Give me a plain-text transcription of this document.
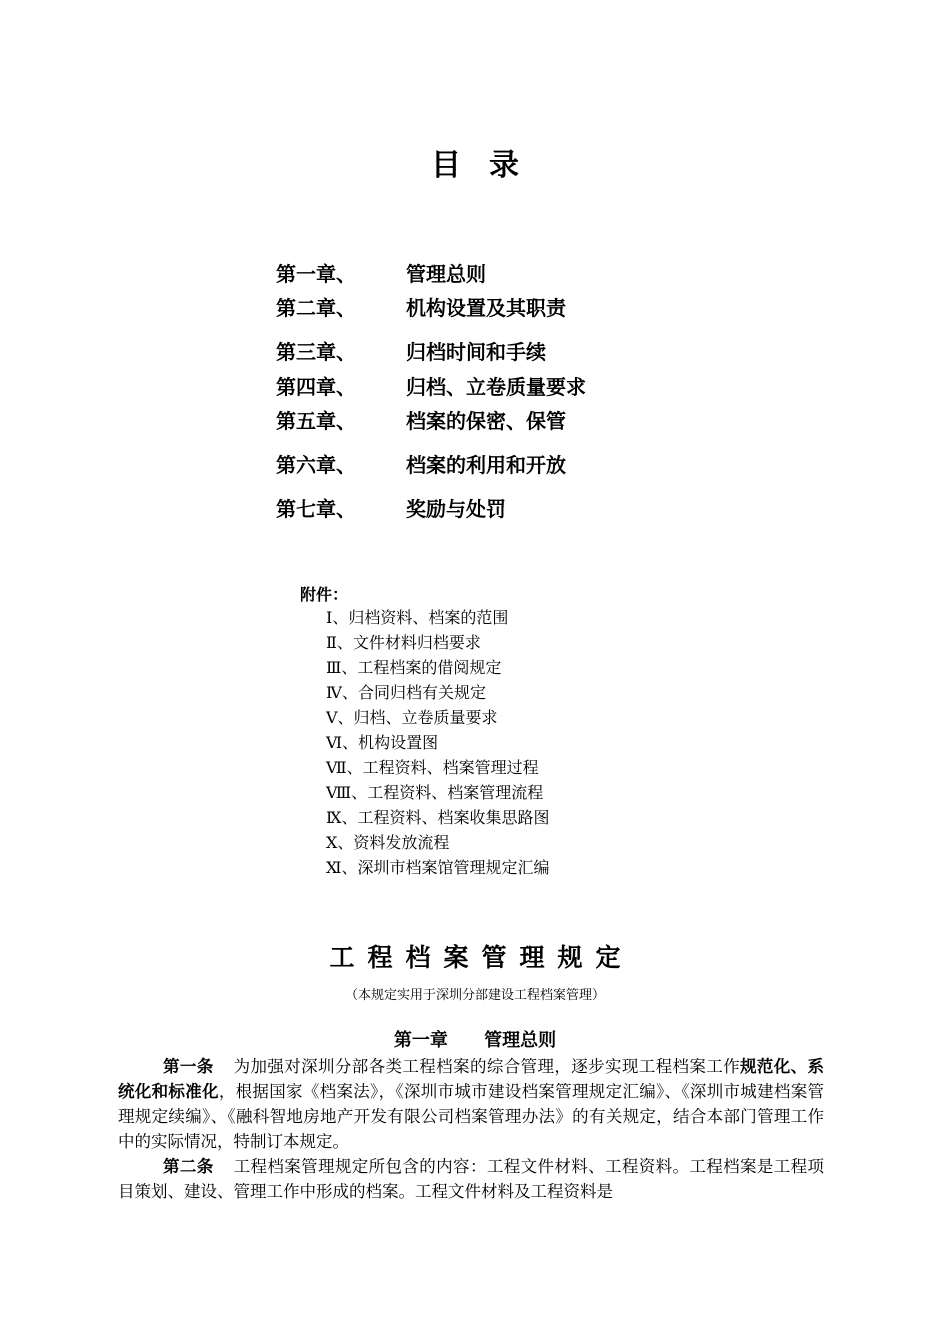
目录
第一章、	管理总则
第二章、	机构设置及其职责
第三章、	归档时间和手续
第四章、	归档、立卷质量要求
第五章、	档案的保密、保管
第六章、	档案的利用和开放
第七章、	奖励与处罚
附件：
Ⅰ、归档资料、档案的范围
Ⅱ、文件材料归档要求
Ⅲ、工程档案的借阅规定
Ⅳ、合同归档有关规定
Ⅴ、归档、立卷质量要求
Ⅵ、机构设置图
Ⅶ、工程资料、档案管理过程
Ⅷ、工程资料、档案管理流程
Ⅸ、工程资料、档案收集思路图
Ⅹ、资料发放流程
Ⅺ、深圳市档案馆管理规定汇编
工程档案管理规定
（本规定实用于深圳分部建设工程档案管理）
第一章 管理总则
第一条 为加强对深圳分部各类工程档案的综合管理，逐步实现工程档案工作规范化、系统化和标准化，根据国家《档案法》，《深圳市城市建设档案管理规定汇编》、《深圳市城建档案管理规定续编》、《融科智地房地产开发有限公司档案管理办法》的有关规定，结合本部门管理工作中的实际情况，特制订本规定。
第二条 工程档案管理规定所包含的内容：工程文件材料、工程资料。工程档案是工程项目策划、建设、管理工作中形成的档案。工程文件材料及工程资料是
